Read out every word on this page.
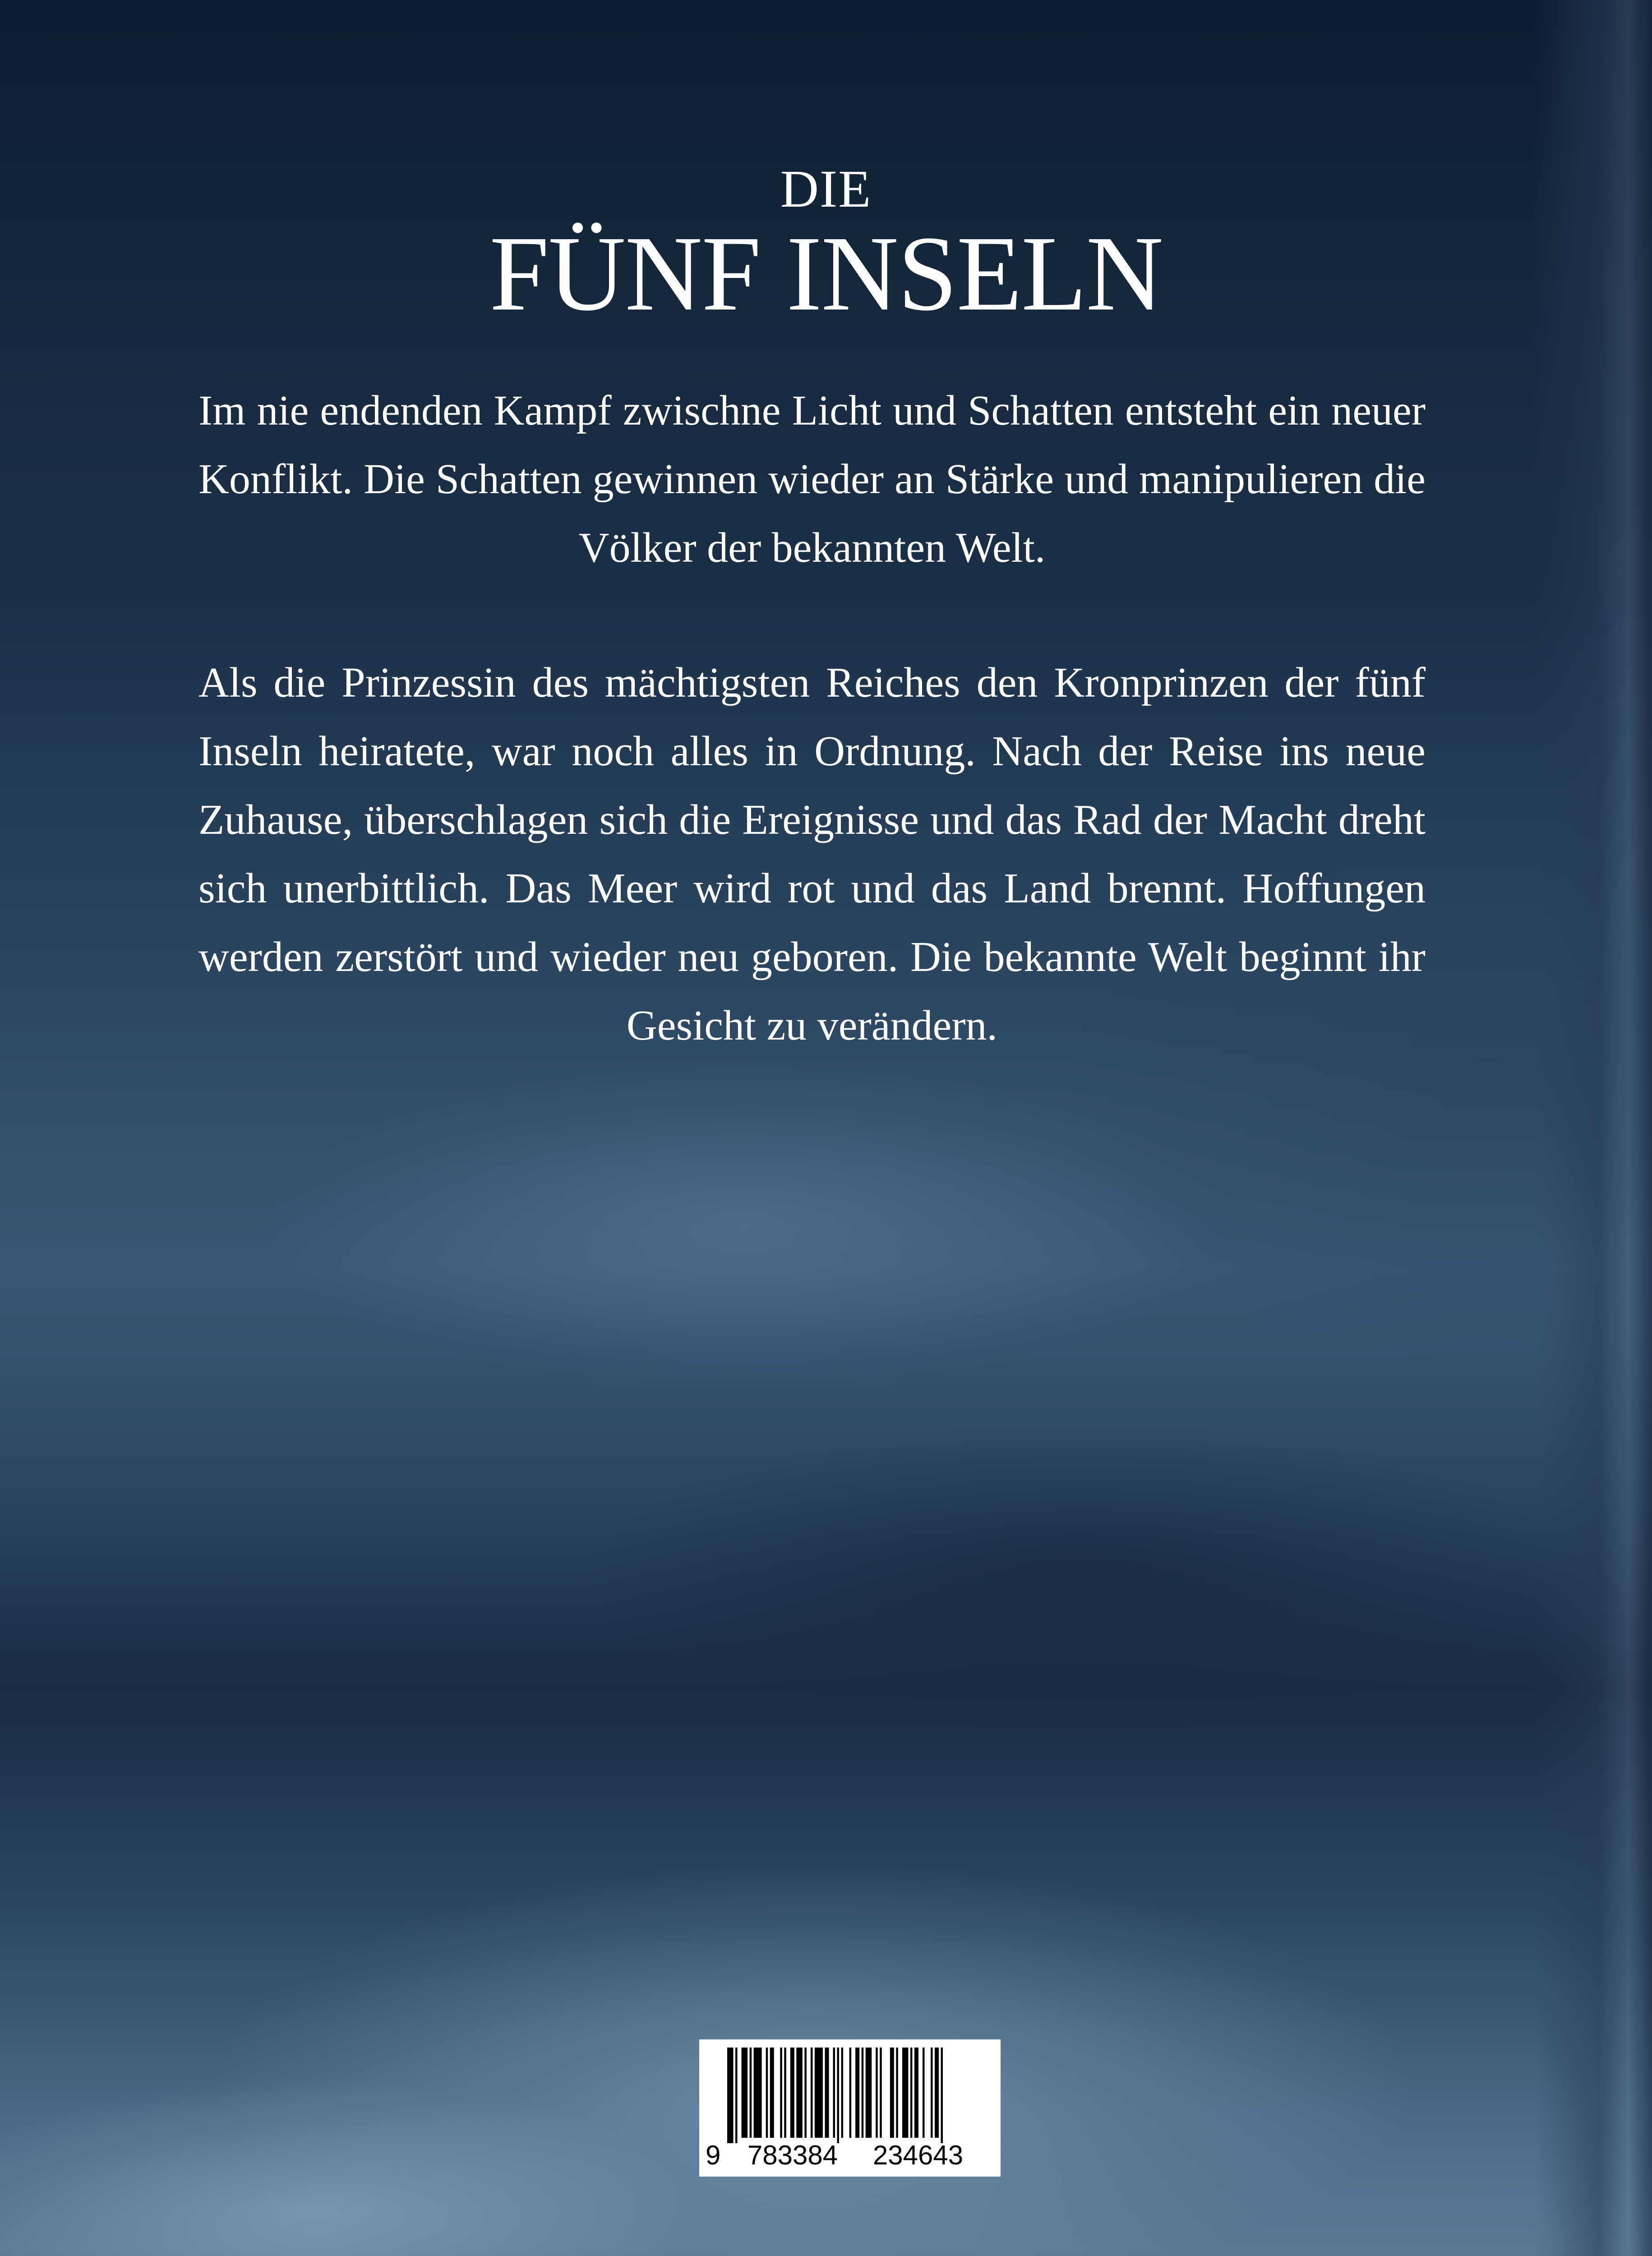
DIE
FÜNF INSELN

Im nie endenden Kampf zwischne Licht und Schatten entsteht ein neuer Konflikt. Die Schatten gewinnen wieder an Stärke und manipulieren die Völker der bekannten Welt.

Als die Prinzessin des mächtigsten Reiches den Kronprinzen der fünf Inseln heiratete, war noch alles in Ordnung. Nach der Reise ins neue Zuhause, überschlagen sich die Ereignisse und das Rad der Macht dreht sich unerbittlich. Das Meer wird rot und das Land brennt. Hoffungen werden zerstört und wieder neu geboren. Die bekannte Welt beginnt ihr Gesicht zu verändern.

9 783384	234643
